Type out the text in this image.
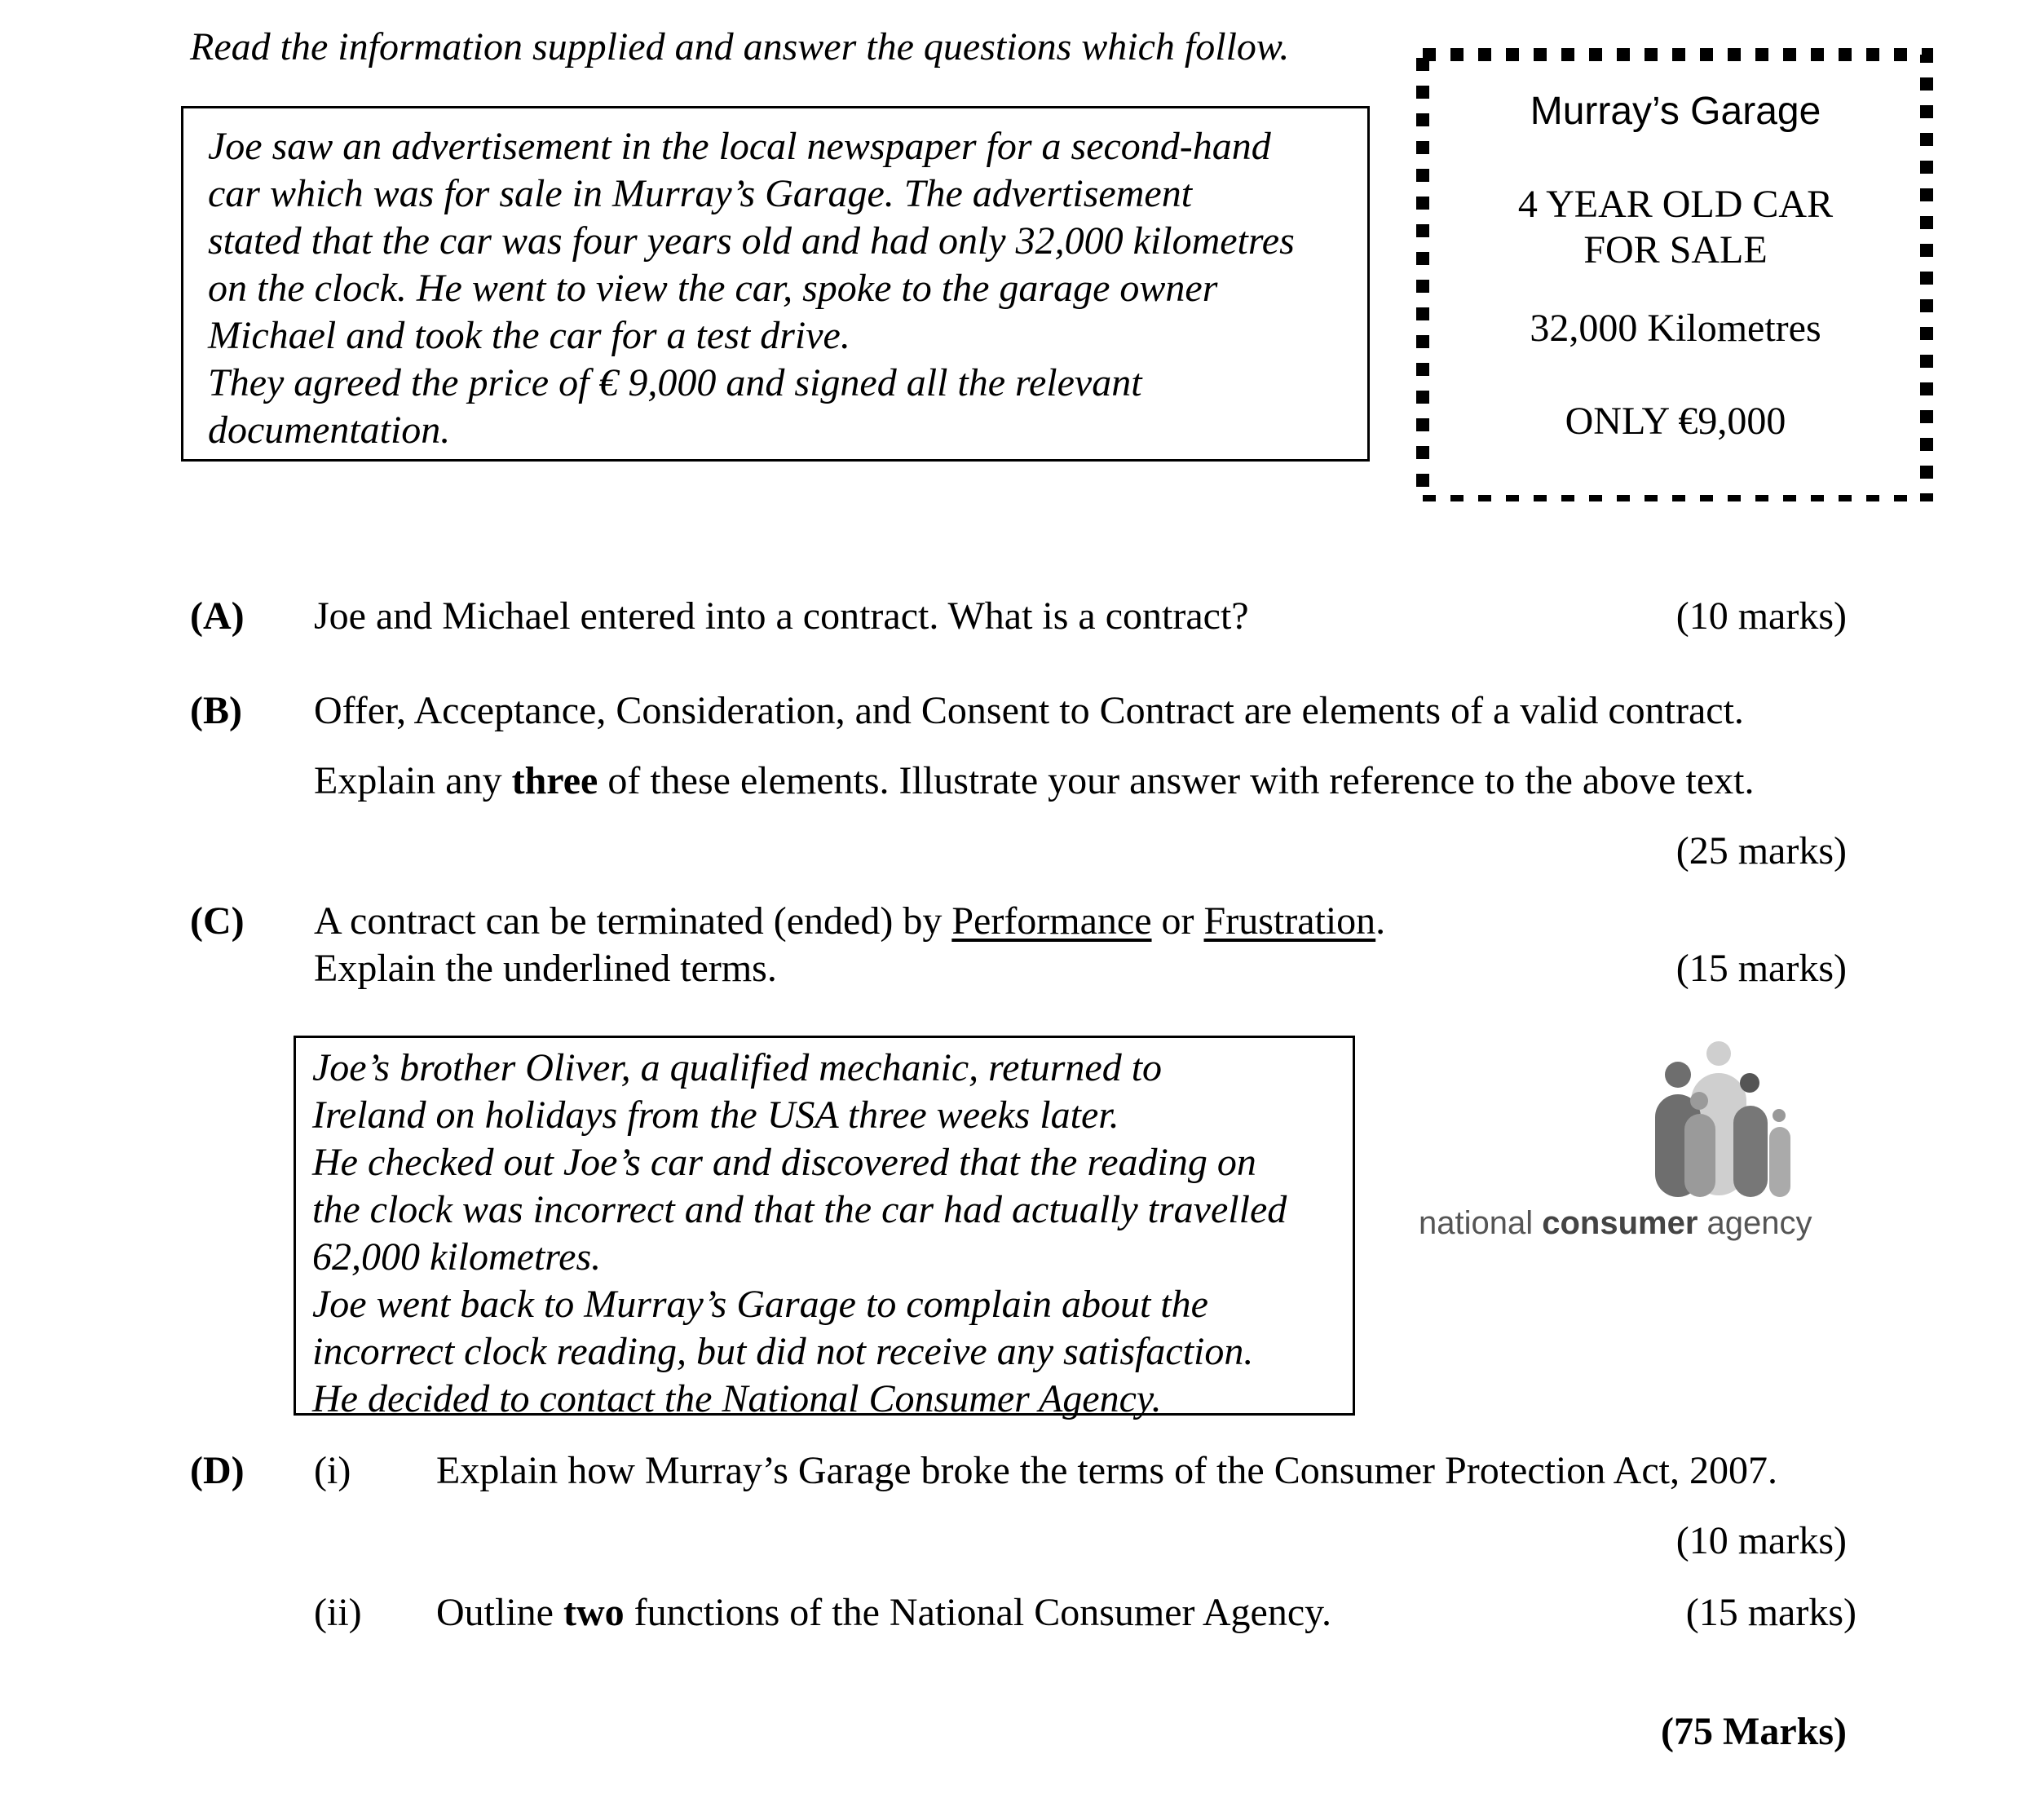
Read the information supplied and answer the questions which follow.
Joe saw an advertisement in the local newspaper for a second-hand
car which was for sale in Murray’s Garage. The advertisement
stated that the car was four years old and had only 32,000 kilometres
on the clock. He went to view the car, spoke to the garage owner
Michael and took the car for a test drive.
They agreed the price of € 9,000 and signed all the relevant
documentation.
Murray’s Garage
4 YEAR OLD CAR
FOR SALE
32,000 Kilometres
ONLY €9,000
(A) Joe and Michael entered into a contract. What is a contract?	(10 marks)
(B) Offer, Acceptance, Consideration, and Consent to Contract are elements of a valid contract.
Explain any three of these elements. Illustrate your answer with reference to the above text.
(25 marks)
(C) A contract can be terminated (ended) by Performance or Frustration.
Explain the underlined terms.	(15 marks)
Joe’s brother Oliver, a qualified mechanic, returned to
Ireland on holidays from the USA three weeks later.
He checked out Joe’s car and discovered that the reading on
the clock was incorrect and that the car had actually travelled
62,000 kilometres.
Joe went back to Murray’s Garage to complain about the
incorrect clock reading, but did not receive any satisfaction.
He decided to contact the National Consumer Agency.
national consumer agency
(D) (i) Explain how Murray’s Garage broke the terms of the Consumer Protection Act, 2007.
(10 marks)
(ii) Outline two functions of the National Consumer Agency.	(15 marks)
(75 Marks)
